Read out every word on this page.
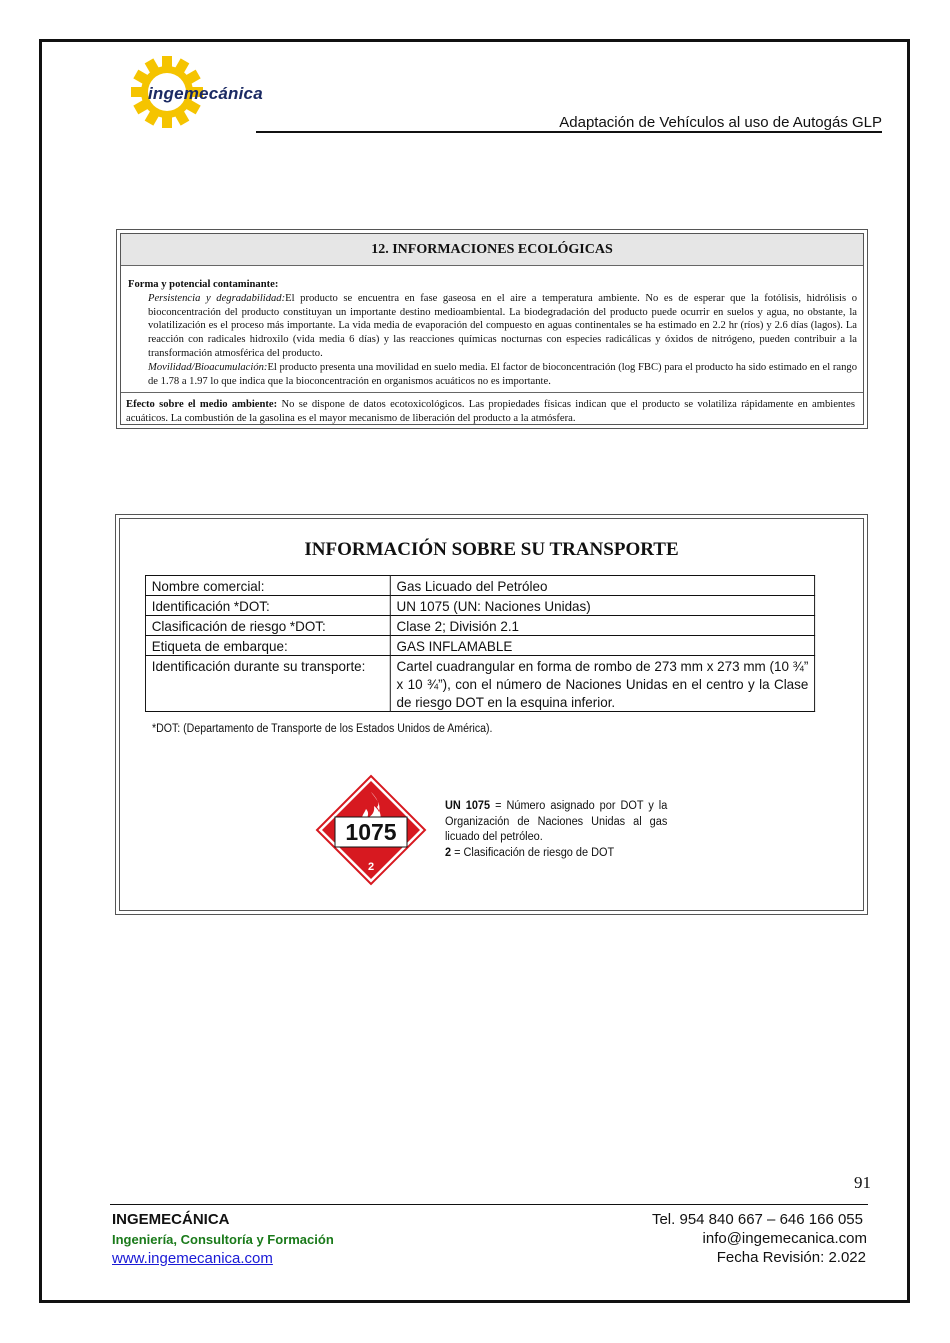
ingemecánica
Adaptación de Vehículos al uso de Autogás GLP
12. INFORMACIONES ECOLÓGICAS
Forma y potencial contaminante:
Persistencia y degradabilidad:El producto se encuentra en fase gaseosa en el aire a temperatura ambiente. No es de esperar que la fotólisis, hidrólisis o bioconcentración del producto constituyan un importante destino medioambiental. La biodegradación del producto puede ocurrir en suelos y agua, no obstante, la volatilización es el proceso más importante. La vida media de evaporación del compuesto en aguas continentales se ha estimado en 2.2 hr (ríos) y 2.6 días (lagos). La reacción con radicales hidroxilo (vida media 6 días) y las reacciones químicas nocturnas con especies radicálicas y óxidos de nitrógeno, pueden contribuir a la transformación atmosférica del producto.
Movilidad/Bioacumulación:El producto presenta una movilidad en suelo media. El factor de bioconcentración (log FBC) para el producto ha sido estimado en el rango de 1.78 a 1.97 lo que indica que la bioconcentración en organismos acuáticos no es importante.
Efecto sobre el medio ambiente: No se dispone de datos ecotoxicológicos. Las propiedades físicas indican que el producto se volatiliza rápidamente en ambientes acuáticos. La combustión de la gasolina es el mayor mecanismo de liberación del producto a la atmósfera.
INFORMACIÓN SOBRE SU TRANSPORTE
Nombre comercial:	Gas Licuado del Petróleo
Identificación *DOT:	UN 1075 (UN: Naciones Unidas)
Clasificación de riesgo *DOT:	Clase 2; División 2.1
Etiqueta de embarque:	GAS INFLAMABLE
Identificación durante su transporte:	Cartel cuadrangular en forma de rombo de 273 mm x 273 mm (10 ¾” x 10 ¾”), con el número de Naciones Unidas en el centro y la Clase de riesgo DOT en la esquina inferior.
*DOT: (Departamento de Transporte de los Estados Unidos de América).
1075
2
UN 1075 = Número asignado por DOT y la Organización de Naciones Unidas al gas licuado del petróleo.
2 = Clasificación de riesgo de DOT
91
INGEMECÁNICA
Ingeniería, Consultoría y Formación
www.ingemecanica.com
Tel. 954 840 667 – 646 166 055
info@ingemecanica.com
Fecha Revisión: 2.022
